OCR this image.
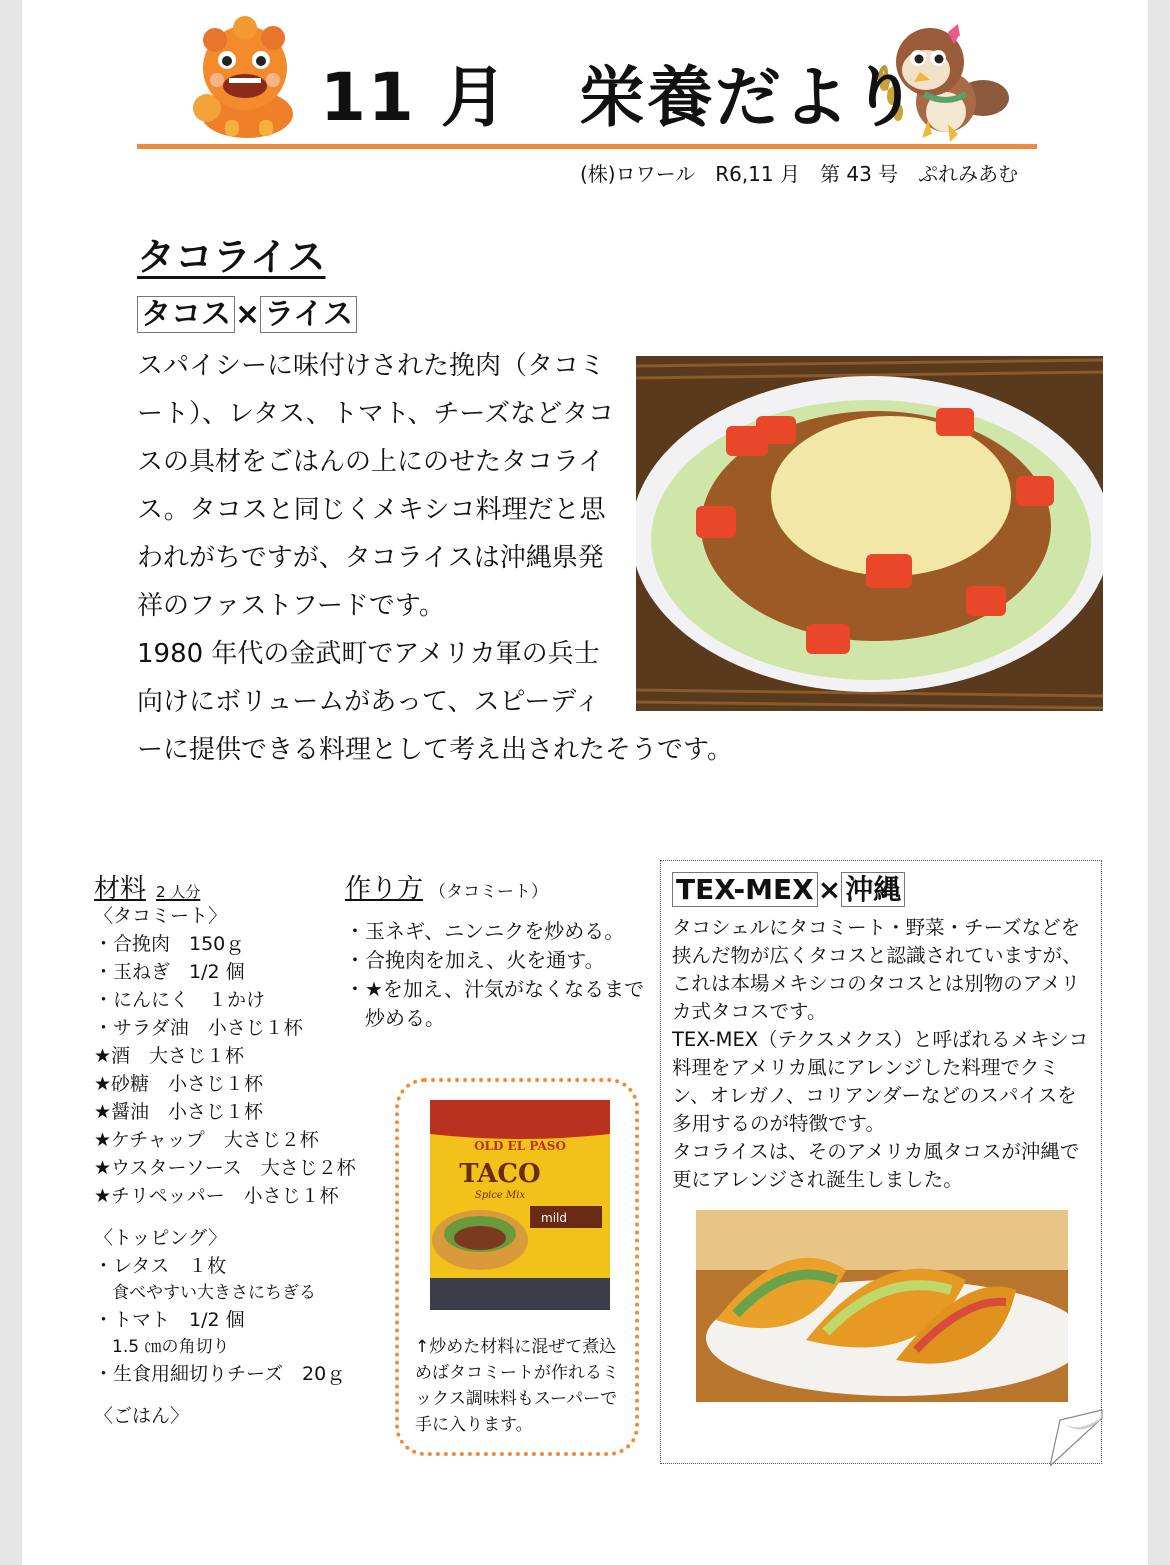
11 月 栄養だより
(株)ロワール　R6,11 月　第 43 号　ぷれみあむ
タコライス
タコス × ライス
スパイシーに味付けされた挽肉（タコミ
ート）、レタス、トマト、チーズなどタコ
スの具材をごはんの上にのせたタコライ
ス。タコスと同じくメキシコ料理だと思
われがちですが、タコライスは沖縄県発
祥のファストフードです。
1980 年代の金武町でアメリカ軍の兵士
向けにボリュームがあって、スピーディ
ーに提供できる料理として考え出されたそうです。
材料 2 人分
〈タコミート〉
・合挽肉　150ｇ
・玉ねぎ　1/2 個
・にんにく　１かけ
・サラダ油　小さじ１杯
★酒　大さじ１杯
★砂糖　小さじ１杯
★醤油　小さじ１杯
★ケチャップ　大さじ２杯
★ウスターソース　大さじ２杯
★チリペッパー　小さじ１杯
〈トッピング〉
・レタス　１枚
食べやすい大きさにちぎる
・トマト　1/2 個
1.5 ㎝の角切り
・生食用細切りチーズ　20ｇ
〈ごはん〉
作り方 （タコミート）
・玉ネギ、ニンニクを炒める。
・合挽肉を加え、火を通す。
・★を加え、汁気がなくなるまで炒める。
OLD EL PASO
TACO
Spice Mix
mild
↑炒めた材料に混ぜて煮込めばタコミートが作れるミックス調味料もスーパーで手に入ります。
TEX-MEX × 沖縄
タコシェルにタコミート・野菜・チーズなどを挟んだ物が広くタコスと認識されていますが、これは本場メキシコのタコスとは別物のアメリカ式タコスです。
TEX-MEX（テクスメクス）と呼ばれるメキシコ料理をアメリカ風にアレンジした料理でクミン、オレガノ、コリアンダーなどのスパイスを多用するのが特徴です。
タコライスは、そのアメリカ風タコスが沖縄で更にアレンジされ誕生しました。
